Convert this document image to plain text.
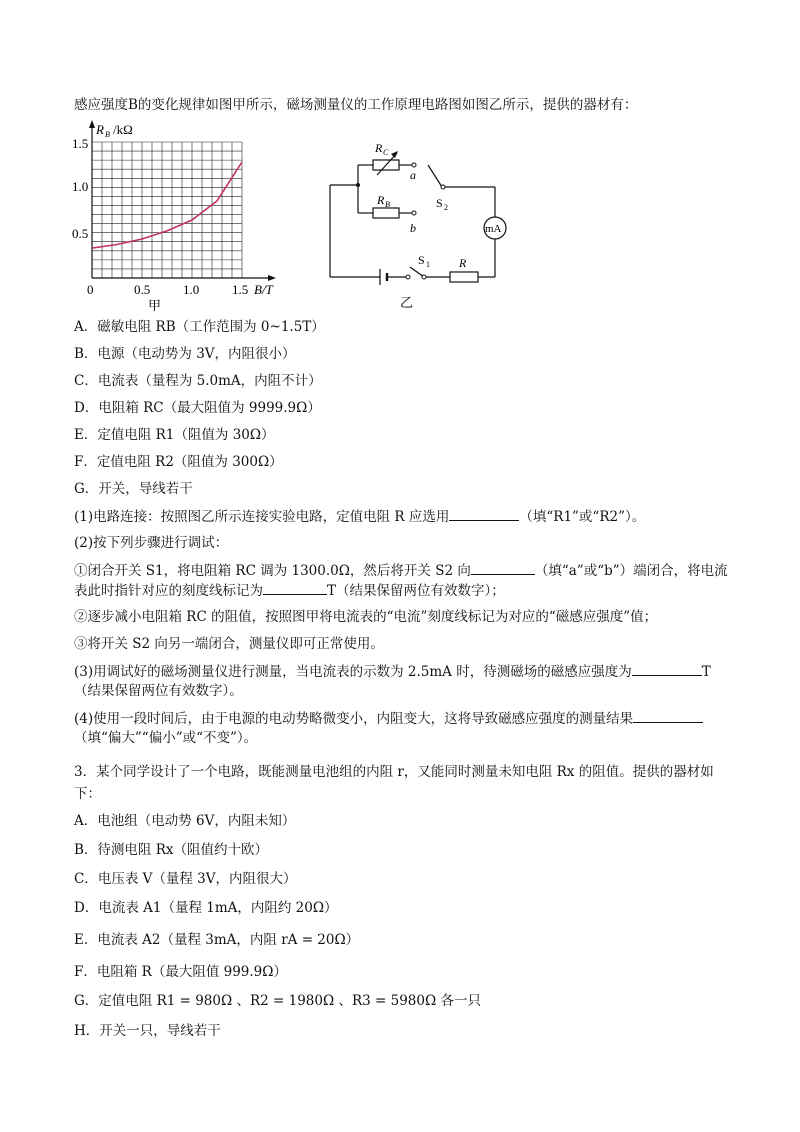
感应强度B的变化规律如图甲所示，磁场测量仪的工作原理电路图如图乙所示，提供的器材有：
R B /kΩ
1.5
1.0
0.5
0	0.5	1.0	1.5 B/T
甲
R C
R B
a
b
S 2
mA
S 1 R
乙
A．磁敏电阻 RB（工作范围为 0~1.5T）
B．电源（电动势为 3V，内阻很小）
C．电流表（量程为 5.0mA，内阻不计）
D．电阻箱 RC（最大阻值为 9999.9Ω）
E．定值电阻 R1（阻值为 30Ω）
F．定值电阻 R2（阻值为 300Ω）
G．开关，导线若干
(1)电路连接：按照图乙所示连接实验电路，定值电阻 R 应选用	（填“R1”或“R2”）。
(2)按下列步骤进行调试：
①闭合开关 S1，将电阻箱 RC 调为 1300.0Ω，然后将开关 S2 向	（填“a”或“b”）端闭合，将电流
表此时指针对应的刻度线标记为	T（结果保留两位有效数字）；
②逐步减小电阻箱 RC 的阻值，按照图甲将电流表的“电流”刻度线标记为对应的“磁感应强度”值；
③将开关 S2 向另一端闭合，测量仪即可正常使用。
(3)用调试好的磁场测量仪进行测量，当电流表的示数为 2.5mA 时，待测磁场的磁感应强度为	T
（结果保留两位有效数字）。
(4)使用一段时间后，由于电源的电动势略微变小，内阻变大，这将导致磁感应强度的测量结果
（填“偏大”“偏小”或“不变”）。
3．某个同学设计了一个电路，既能测量电池组的内阻 r，又能同时测量未知电阻 Rx 的阻值。提供的器材如
下：
A．电池组（电动势 6V，内阻未知）
B．待测电阻 Rx（阻值约十欧）
C．电压表 V（量程 3V，内阻很大）
D．电流表 A1（量程 1mA，内阻约 20Ω）
E．电流表 A2（量程 3mA，内阻 rA = 20Ω）
F．电阻箱 R（最大阻值 999.9Ω）
G．定值电阻 R1 = 980Ω 、R2 = 1980Ω 、R3 = 5980Ω 各一只
H．开关一只，导线若干
